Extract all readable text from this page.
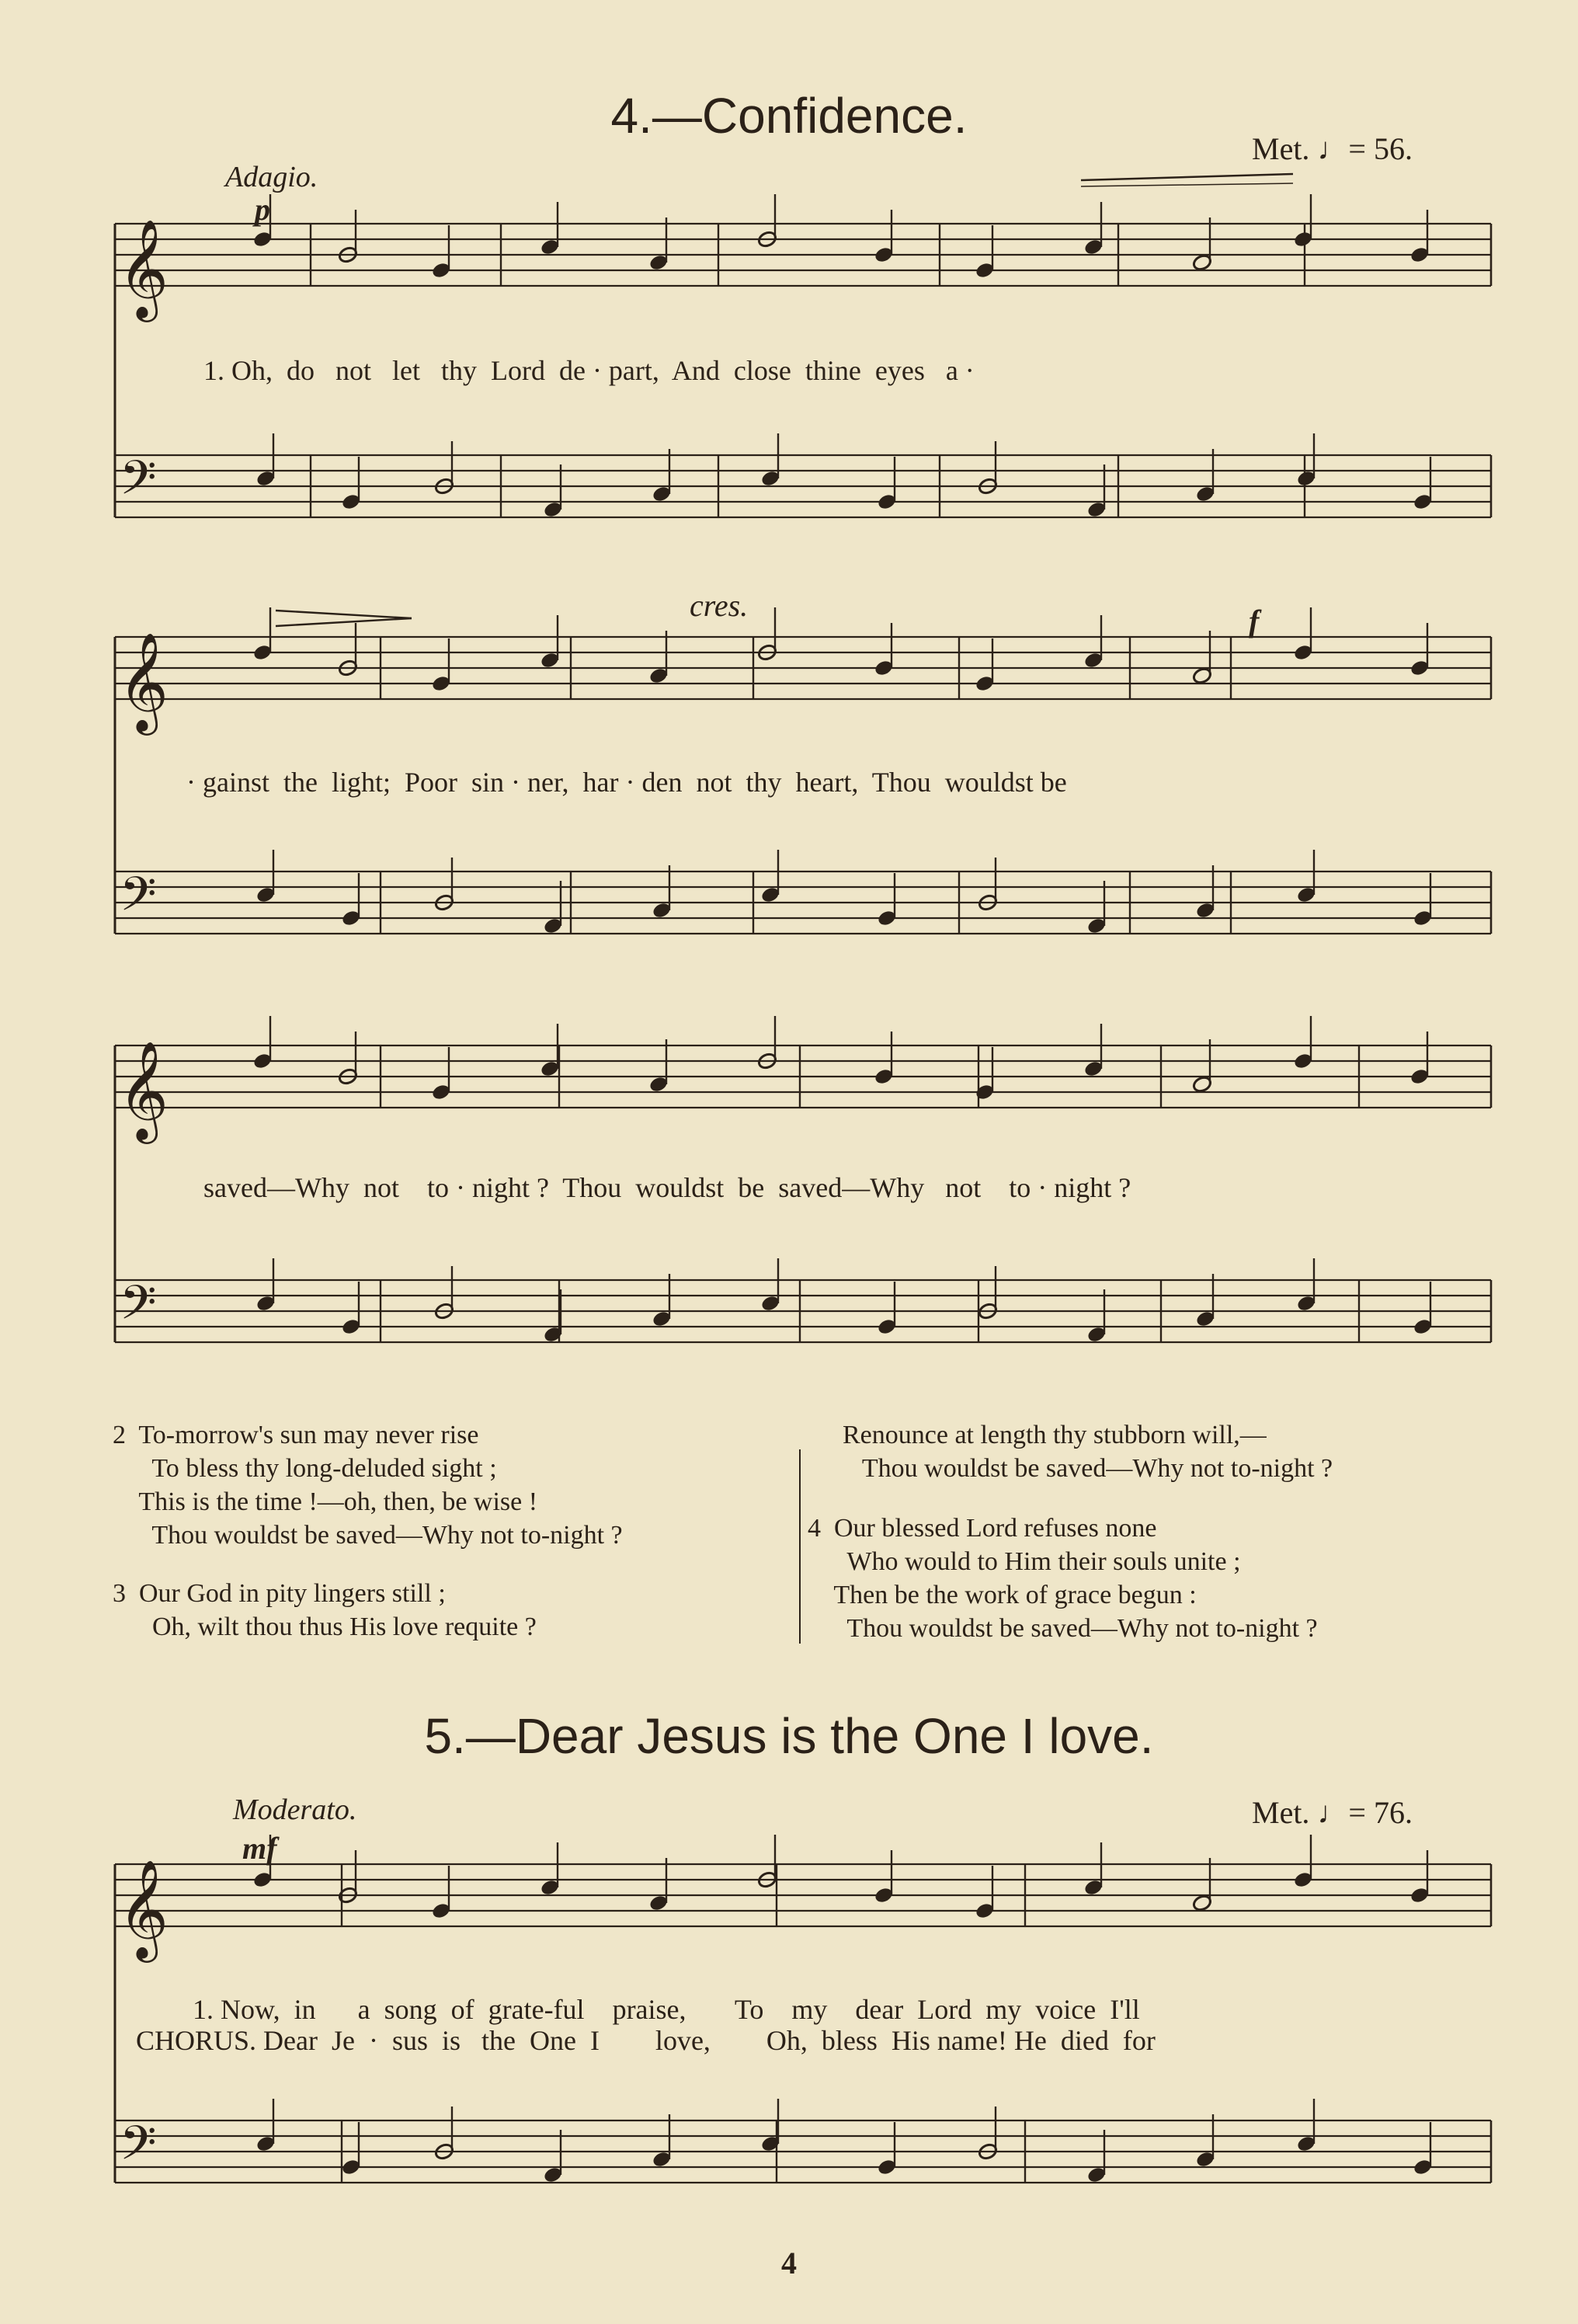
4.—Confidence.
Met. ♩= 56.
Adagio.
p
cres.	f
1. Oh,  do   not   let   thy  Lord  de · part,  And  close  thine  eyes   a ·
· gainst  the  light;  Poor  sin · ner,  har · den  not  thy  heart,  Thou  wouldst be
saved—Why  not    to · night ?  Thou  wouldst  be  saved—Why   not    to · night ?
2  To-morrow's sun may never rise
To bless thy long-deluded sight ;
This is the time !—oh, then, be wise !
Thou wouldst be saved—Why not to-night ?
3  Our God in pity lingers still ;
Oh, wilt thou thus His love requite ?
Renounce at length thy stubborn will,—
Thou wouldst be saved—Why not to-night ?
4  Our blessed Lord refuses none
Who would to Him their souls unite ;
Then be the work of grace begun :
Thou wouldst be saved—Why not to-night ?
5.—Dear Jesus is the One I love.
Moderato.	Met. ♩= 76.
mf
1. Now,  in      a  song  of  grate-ful    praise,       To    my    dear  Lord  my  voice  I'll
CHORUS. Dear  Je  ·  sus  is   the  One  I        love,        Oh,  bless  His name! He  died  for
4
𝄞
𝄢
𝄞
𝄢
𝄞
𝄢
𝄞
𝄢
